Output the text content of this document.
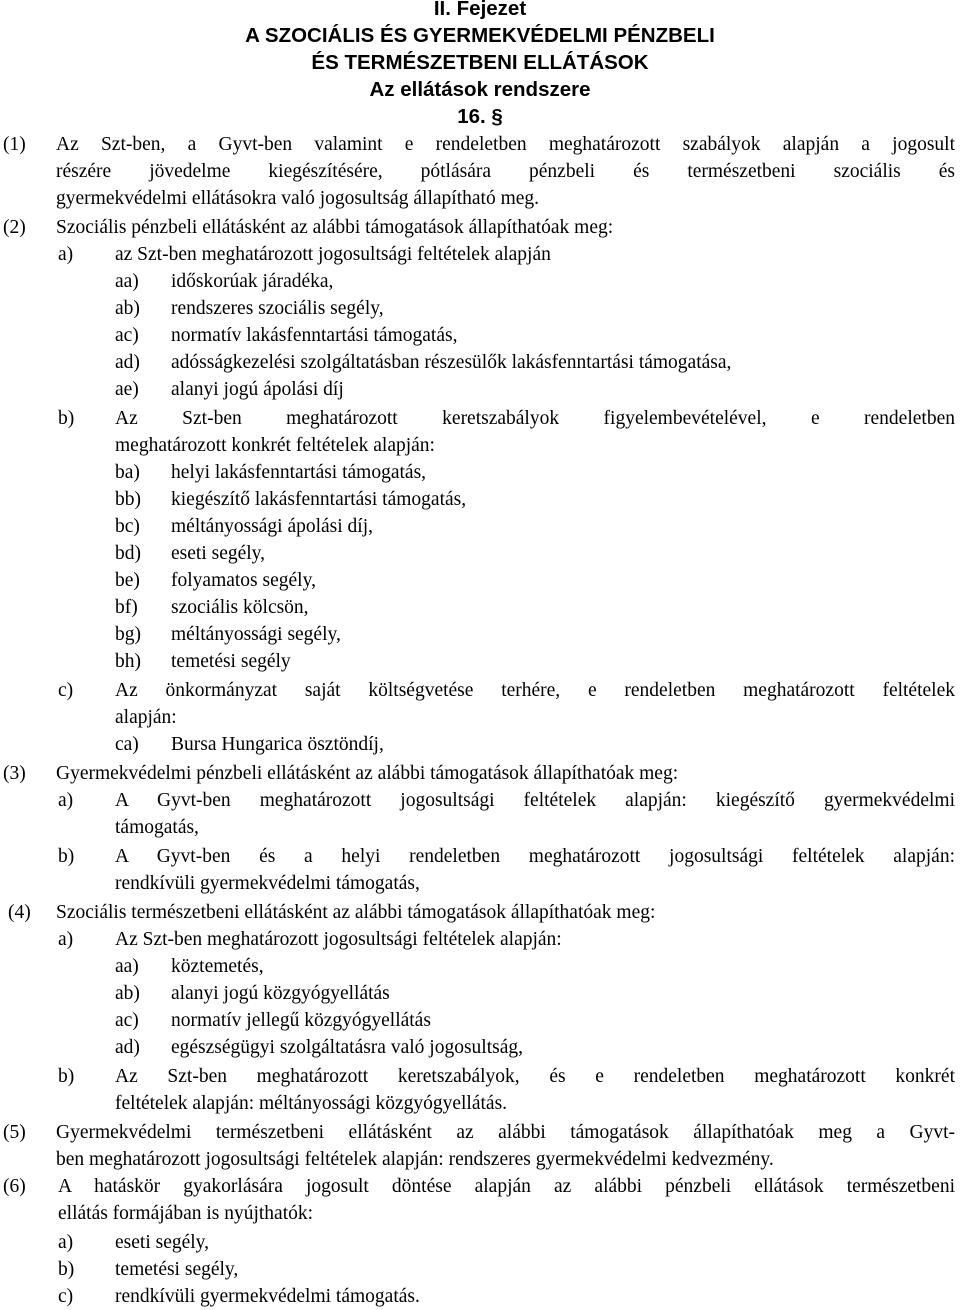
II. Fejezet
A SZOCIÁLIS ÉS GYERMEKVÉDELMI PÉNZBELI
ÉS TERMÉSZETBENI ELLÁTÁSOK
Az ellátások rendszere
16. §
(1) Az Szt-ben, a Gyvt-ben valamint e rendeletben meghatározott szabályok alapján a jogosult
részére jövedelme kiegészítésére, pótlására pénzbeli és természetbeni szociális és
gyermekvédelmi ellátásokra való jogosultság állapítható meg.
(2) Szociális pénzbeli ellátásként az alábbi támogatások állapíthatóak meg:
a) az Szt-ben meghatározott jogosultsági feltételek alapján
aa) időskorúak járadéka,
ab) rendszeres szociális segély,
ac) normatív lakásfenntartási támogatás,
ad) adósságkezelési szolgáltatásban részesülők lakásfenntartási támogatása,
ae) alanyi jogú ápolási díj
b) Az Szt-ben meghatározott keretszabályok figyelembevételével, e rendeletben
meghatározott konkrét feltételek alapján:
ba) helyi lakásfenntartási támogatás,
bb) kiegészítő lakásfenntartási támogatás,
bc) méltányossági ápolási díj,
bd) eseti segély,
be) folyamatos segély,
bf) szociális kölcsön,
bg) méltányossági segély,
bh) temetési segély
c) Az önkormányzat saját költségvetése terhére, e rendeletben meghatározott feltételek
alapján:
ca) Bursa Hungarica ösztöndíj,
(3) Gyermekvédelmi pénzbeli ellátásként az alábbi támogatások állapíthatóak meg:
a) A Gyvt-ben meghatározott jogosultsági feltételek alapján: kiegészítő gyermekvédelmi
támogatás,
b) A Gyvt-ben és a helyi rendeletben meghatározott jogosultsági feltételek alapján:
rendkívüli gyermekvédelmi támogatás,
(4) Szociális természetbeni ellátásként az alábbi támogatások állapíthatóak meg:
a) Az Szt-ben meghatározott jogosultsági feltételek alapján:
aa) köztemetés,
ab) alanyi jogú közgyógyellátás
ac) normatív jellegű közgyógyellátás
ad) egészségügyi szolgáltatásra való jogosultság,
b) Az Szt-ben meghatározott keretszabályok, és e rendeletben meghatározott konkrét
feltételek alapján: méltányossági közgyógyellátás.
(5) Gyermekvédelmi természetbeni ellátásként az alábbi támogatások állapíthatóak meg a Gyvt-
ben meghatározott jogosultsági feltételek alapján: rendszeres gyermekvédelmi kedvezmény.
(6) A hatáskör gyakorlására jogosult döntése alapján az alábbi pénzbeli ellátások természetbeni
ellátás formájában is nyújthatók:
a) eseti segély,
b) temetési segély,
c) rendkívüli gyermekvédelmi támogatás.
